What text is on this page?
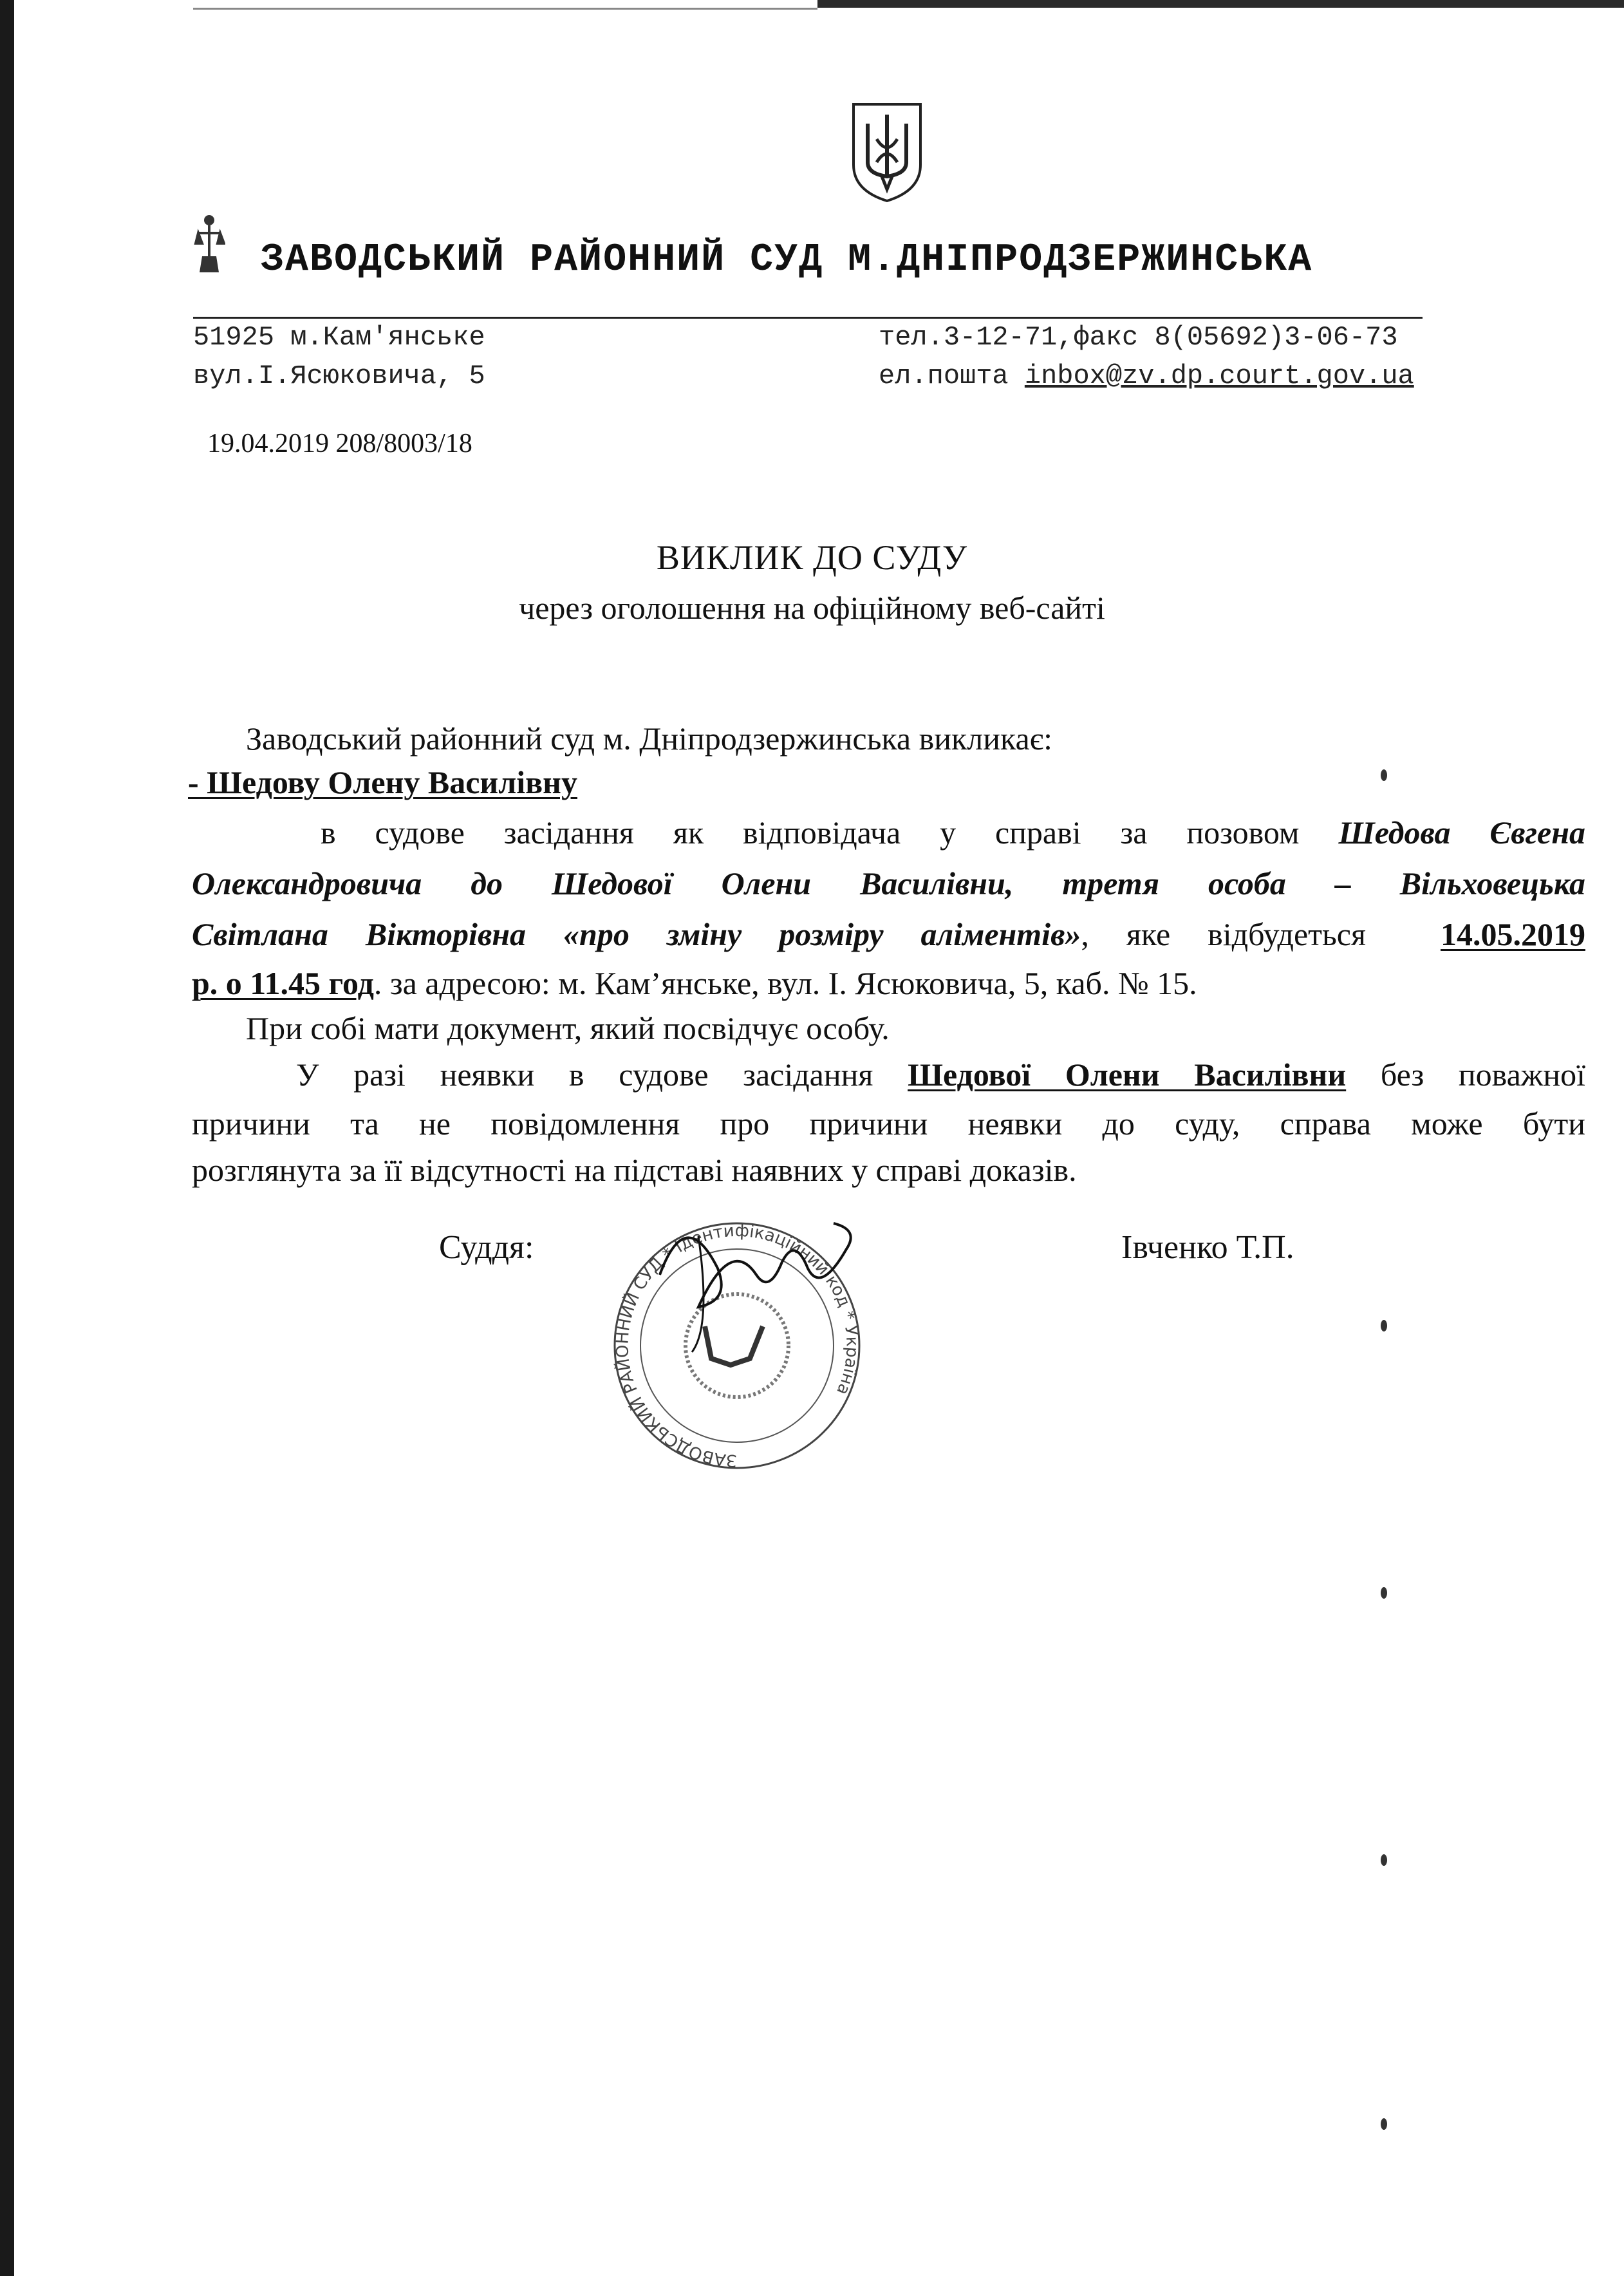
ЗАВОДСЬКИЙ РАЙОННИЙ СУД М.ДНІПРОДЗЕРЖИНСЬКА
51925 м.Кам'янське
вул.І.Ясюковича, 5
тел.3-12-71,факс 8(05692)3-06-73
ел.пошта inbox@zv.dp.court.gov.ua
19.04.2019 208/8003/18
ВИКЛИК ДО СУДУ
через оголошення на офіційному веб-сайті
Заводський районний суд м. Дніпродзержинська викликає:
- Шедову Олену Василівну
в судове засідання як відповідача у справі за позовом Шедова Євгена
Олександровича до Шедової Олени Василівни, третя особа – Вільховецька
Світлана Вікторівна «про зміну розміру аліментів», яке відбудеться 14.05.2019
р. о 11.45 год. за адресою: м. Кам’янське, вул. І. Ясюковича, 5, каб. № 15.
При собі мати документ, який посвідчує особу.
У разі неявки в судове засідання Шедової Олени Василівни без поважної
причини та не повідомлення про причини неявки до суду, справа може бути
розглянута за її відсутності на підставі наявних у справі доказів.
Суддя:	Івченко Т.П.
ЗАВОДСЬКИЙ РАЙОННИЙ СУД * Ідентифікаційний код * Україна
